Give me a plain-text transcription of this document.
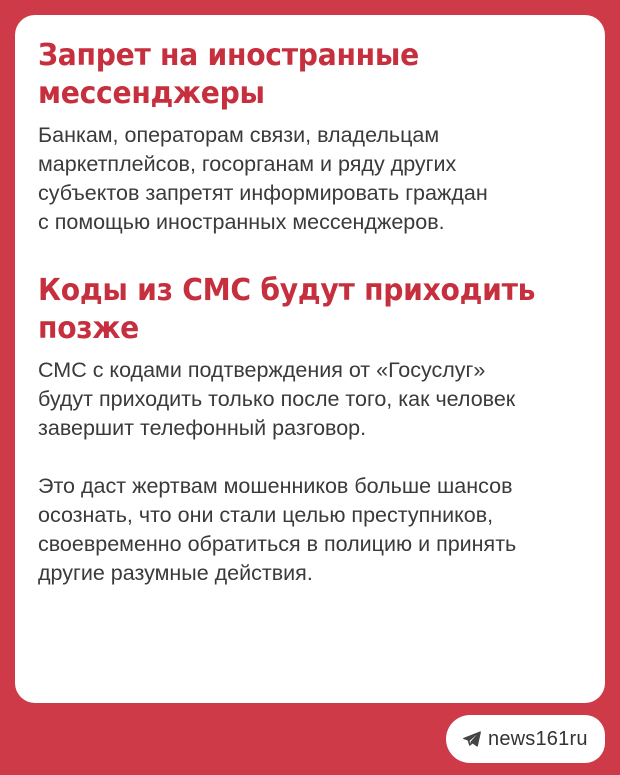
Запрет на иностранные
мессенджеры

Банкам, операторам связи, владельцам
маркетплейсов, госорганам и ряду других
субъектов запретят информировать граждан
с помощью иностранных мессенджеров.

Коды из СМС будут приходить
позже

СМС с кодами подтверждения от «Госуслуг»
будут приходить только после того, как человек
завершит телефонный разговор.

Это даст жертвам мошенников больше шансов
осознать, что они стали целью преступников,
своевременно обратиться в полицию и принять
другие разумные действия.

news161ru
